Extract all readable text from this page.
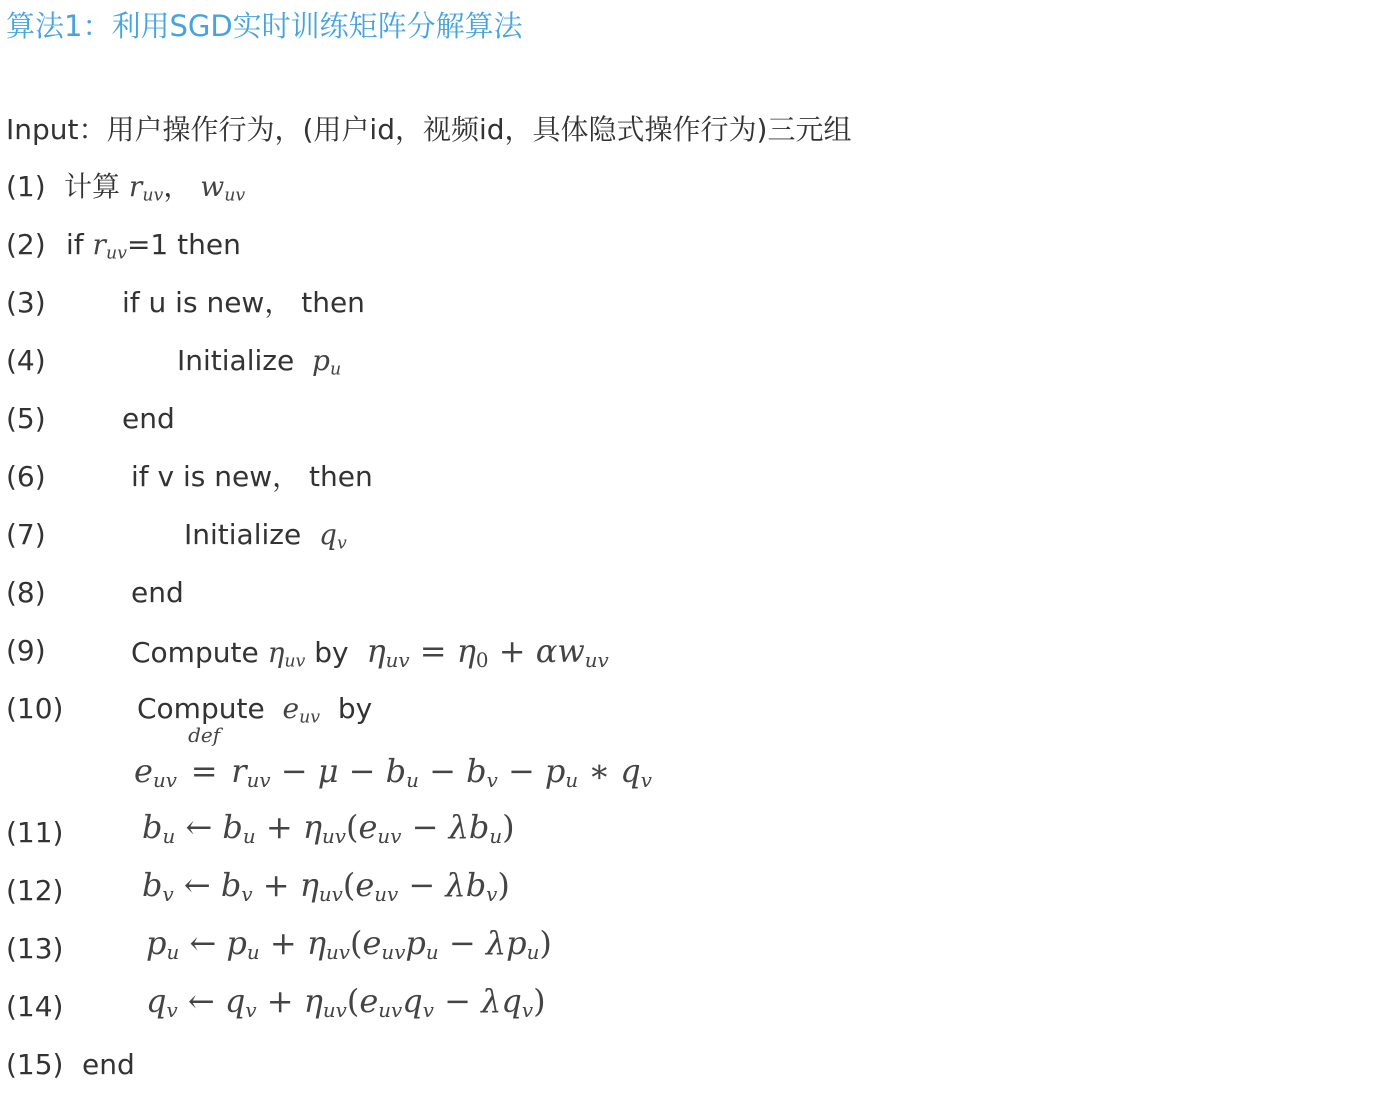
算法1：利用SGD实时训练矩阵分解算法
Input：用户操作行为，(用户id，视频id，具体隐式操作行为)三元组
(1) 计算 $r_{uv}$， $w_{uv}$
(2) if $r_{uv}=1$ then
(3)	if u is new， then
(4)	Initialize $p_u$
(5)	end
(6)	if v is new， then
(7)	Initialize $q_v$
(8)	end
(9)	Compute $\eta_{uv}$ by $\eta_{uv} = \eta_0 + \alpha w_{uv}$
(10)	Compute $e_{uv}$ by
$e_{uv}$
def
= $r_{uv} - \mu - b_u - b_v - p_u$ ∗ $q_v$
(11) $b_u$ ← $b_u + \eta_{uv}(e_{uv} - \lambda b_u)$
(12) $b_v$ ← $b_v + \eta_{uv}(e_{uv} - \lambda b_v)$
(13)	$p_u$ ← $p_u + \eta_{uv}(e_{uv}p_u - \lambda p_u)$
(14)	$q_v$ ← $q_v + \eta_{uv}(e_{uv}q_v - \lambda q_v)$
(15) end
